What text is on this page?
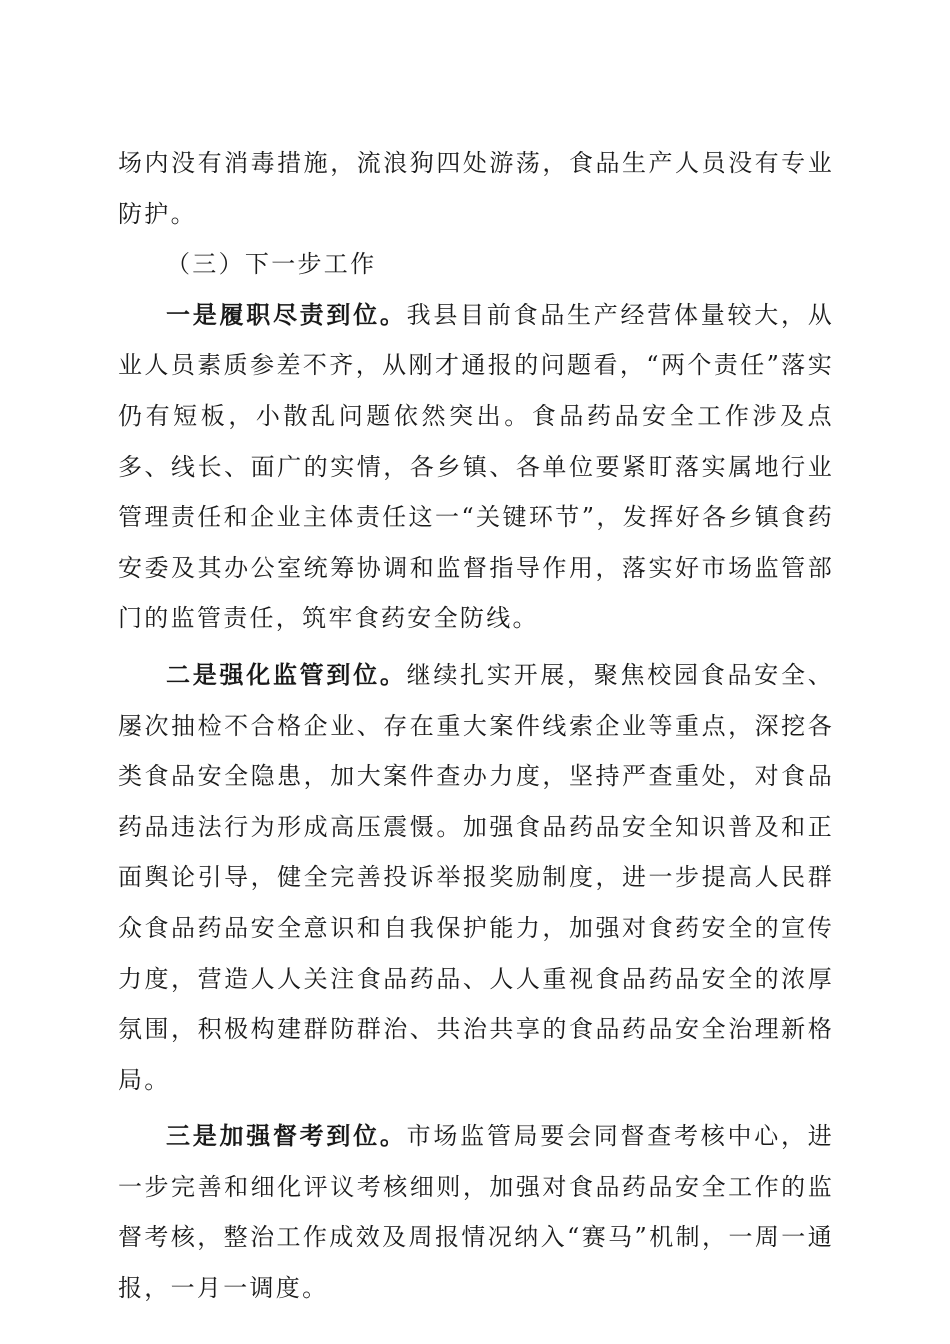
场内没有消毒措施，流浪狗四处游荡，食品生产人员没有专业防护。

（三）下一步工作

一是履职尽责到位。我县目前食品生产经营体量较大，从业人员素质参差不齐，从刚才通报的问题看，“两个责任”落实仍有短板，小散乱问题依然突出。食品药品安全工作涉及点多、线长、面广的实情，各乡镇、各单位要紧盯落实属地行业管理责任和企业主体责任这一“关键环节”，发挥好各乡镇食药安委及其办公室统筹协调和监督指导作用，落实好市场监管部门的监管责任，筑牢食药安全防线。

二是强化监管到位。继续扎实开展，聚焦校园食品安全、屡次抽检不合格企业、存在重大案件线索企业等重点，深挖各类食品安全隐患，加大案件查办力度，坚持严查重处，对食品药品违法行为形成高压震慑。加强食品药品安全知识普及和正面舆论引导，健全完善投诉举报奖励制度，进一步提高人民群众食品药品安全意识和自我保护能力，加强对食药安全的宣传力度，营造人人关注食品药品、人人重视食品药品安全的浓厚氛围，积极构建群防群治、共治共享的食品药品安全治理新格局。

三是加强督考到位。市场监管局要会同督查考核中心，进一步完善和细化评议考核细则，加强对食品药品安全工作的监督考核，整治工作成效及周报情况纳入“赛马”机制，一周一通报，一月一调度。
